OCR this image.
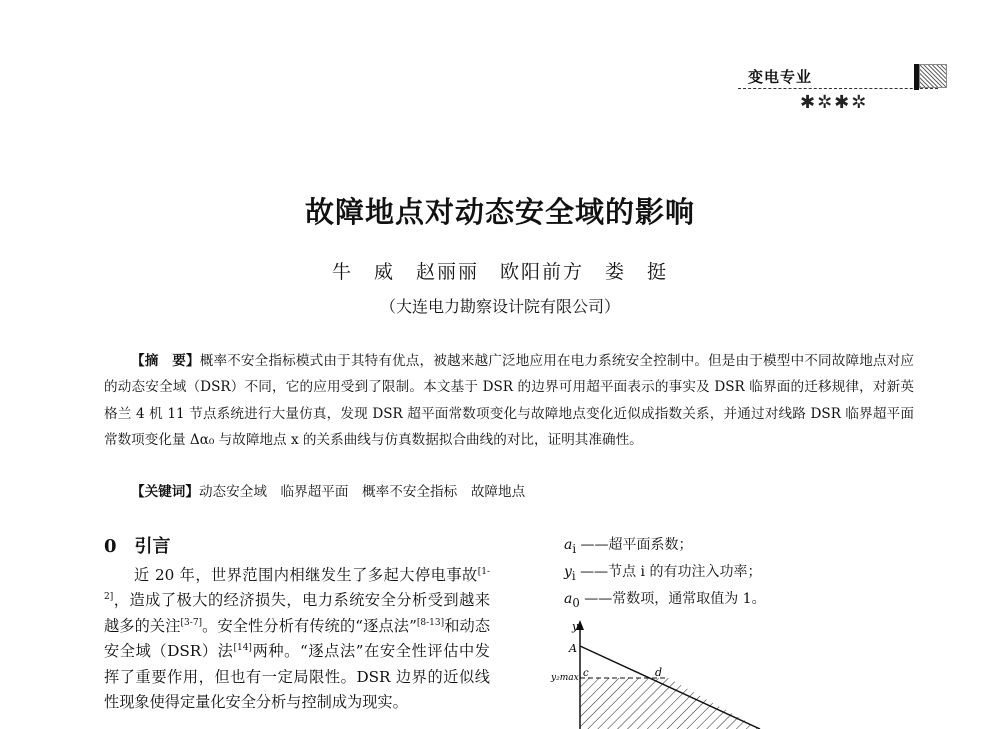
变电专业
✱✲✱✲
故障地点对动态安全域的影响
牛　威　赵丽丽　欧阳前方　娄　挺
（大连电力勘察设计院有限公司）

【摘　要】概率不安全指标模式由于其特有优点，被越来越广泛地应用在电力系统安全控制中。但是由于模型中不同故障地点对应的动态安全域（DSR）不同，它的应用受到了限制。本文基于 DSR 的边界可用超平面表示的事实及 DSR 临界面的迁移规律，对新英格兰 4 机 11 节点系统进行大量仿真，发现 DSR 超平面常数项变化与故障地点变化近似成指数关系，并通过对线路 DSR 临界超平面常数项变化量 Δα₀ 与故障地点 x 的关系曲线与仿真数据拟合曲线的对比，证明其准确性。

【关键词】动态安全域　临界超平面　概率不安全指标　故障地点

0　引言

近 20 年，世界范围内相继发生了多起大停电事故[1-2]，造成了极大的经济损失，电力系统安全分析受到越来越多的关注[3-7]。安全性分析有传统的“逐点法”[8-13]和动态安全域（DSR）法[14]两种。“逐点法”在安全性评估中发挥了重要作用，但也有一定局限性。DSR 边界的近似线性现象使得定量化安全分析与控制成为现实。

$a_i$ ——超平面系数；
$y_i$ ——节点 i 的有功注入功率；
$a_0$ ——常数项，通常取值为 1。
y₂
A
y₂max c	d
